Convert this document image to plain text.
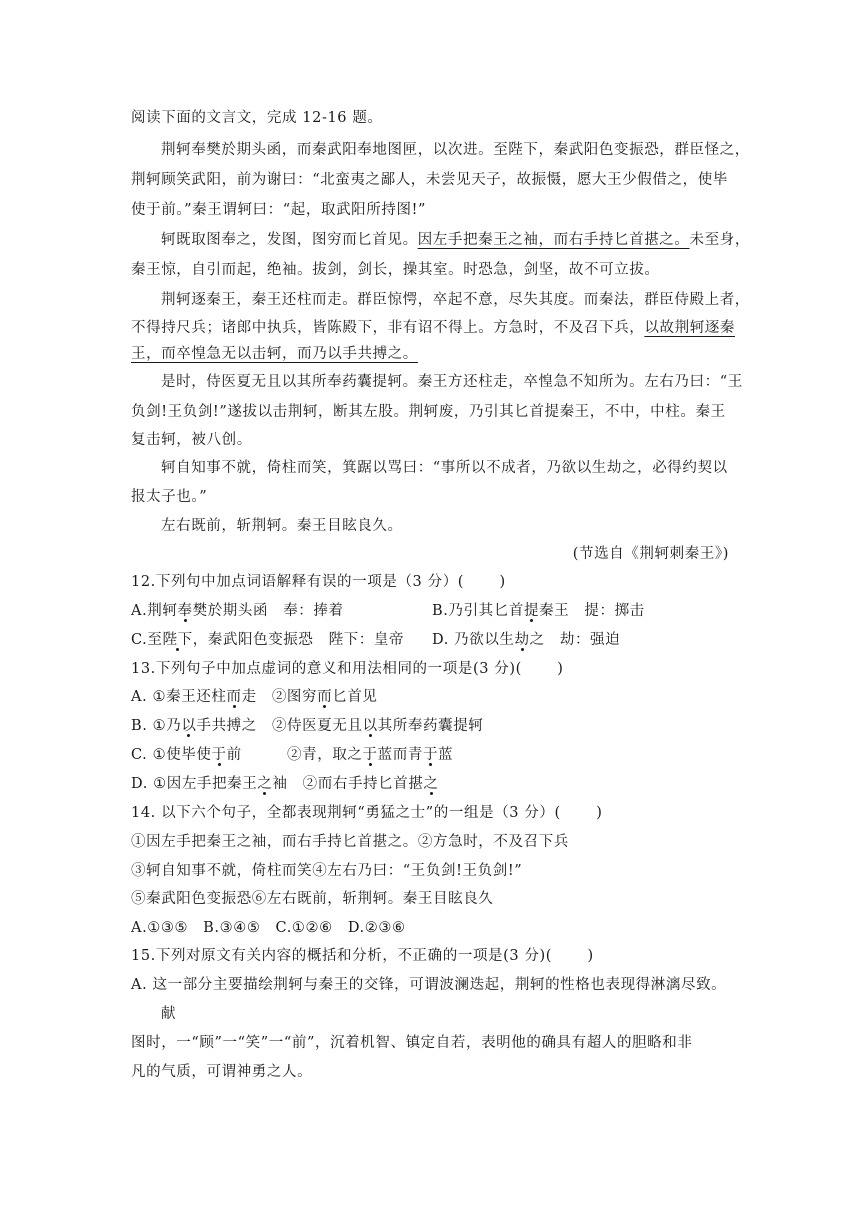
阅读下面的文言文，完成 12-16 题。
荆轲奉樊於期头函，而秦武阳奉地图匣，以次进。至陛下，秦武阳色变振恐，群臣怪之，
荆轲顾笑武阳，前为谢曰：“北蛮夷之鄙人，未尝见天子，故振慑，愿大王少假借之，使毕
使于前。”秦王谓轲曰：“起，取武阳所持图!”
轲既取图奉之，发图，图穷而匕首见。因左手把秦王之袖，而右手持匕首揕之。未至身，
秦王惊，自引而起，绝袖。拔剑，剑长，操其室。时恐急，剑坚，故不可立拔。
荆轲逐秦王，秦王还柱而走。群臣惊愕，卒起不意，尽失其度。而秦法，群臣侍殿上者，
不得持尺兵；诸郎中执兵，皆陈殿下，非有诏不得上。方急时，不及召下兵，以故荆轲逐秦
王，而卒惶急无以击轲，而乃以手共搏之。
是时，侍医夏无且以其所奉药囊提轲。秦王方还柱走，卒惶急不知所为。左右乃曰：“王
负剑!王负剑!”遂拔以击荆轲，断其左股。荆轲废，乃引其匕首提秦王，不中，中柱。秦王
复击轲，被八创。
轲自知事不就，倚柱而笑，箕踞以骂曰：“事所以不成者，乃欲以生劫之，必得约契以
报太子也。”
左右既前，斩荆轲。秦王目眩良久。
(节选自《荆轲刺秦王》)
12.下列句中加点词语解释有误的一项是（3 分）(　　 )
A.荆轲奉樊於期头函　奉：捧着	B.乃引其匕首提秦王　提：掷击
C.至陛下，秦武阳色变振恐　陛下：皇帝 D. 乃欲以生劫之　劫：强迫
13.下列句子中加点虚词的意义和用法相同的一项是(3 分)(　　 )
A. ①秦王还柱而走　②图穷而匕首见
B. ①乃以手共搏之　②侍医夏无且以其所奉药囊提轲
C. ①使毕使于前　　　②青，取之于蓝而青于蓝
D. ①因左手把秦王之袖　②而右手持匕首揕之
14. 以下六个句子，全都表现荆轲“勇猛之士”的一组是（3 分）(　　 )
①因左手把秦王之袖，而右手持匕首揕之。②方急时，不及召下兵
③轲自知事不就，倚柱而笑④左右乃曰：“王负剑!王负剑!”
⑤秦武阳色变振恐⑥左右既前，斩荆轲。秦王目眩良久
A.①③⑤　B.③④⑤　C.①②⑥　D.②③⑥
15.下列对原文有关内容的概括和分析，不正确的一项是(3 分)(　　 )
A. 这一部分主要描绘荆轲与秦王的交锋，可谓波澜迭起，荆轲的性格也表现得淋漓尽致。
献
图时，一“顾”一“笑”一“前”，沉着机智、镇定自若，表明他的确具有超人的胆略和非
凡的气质，可谓神勇之人。
